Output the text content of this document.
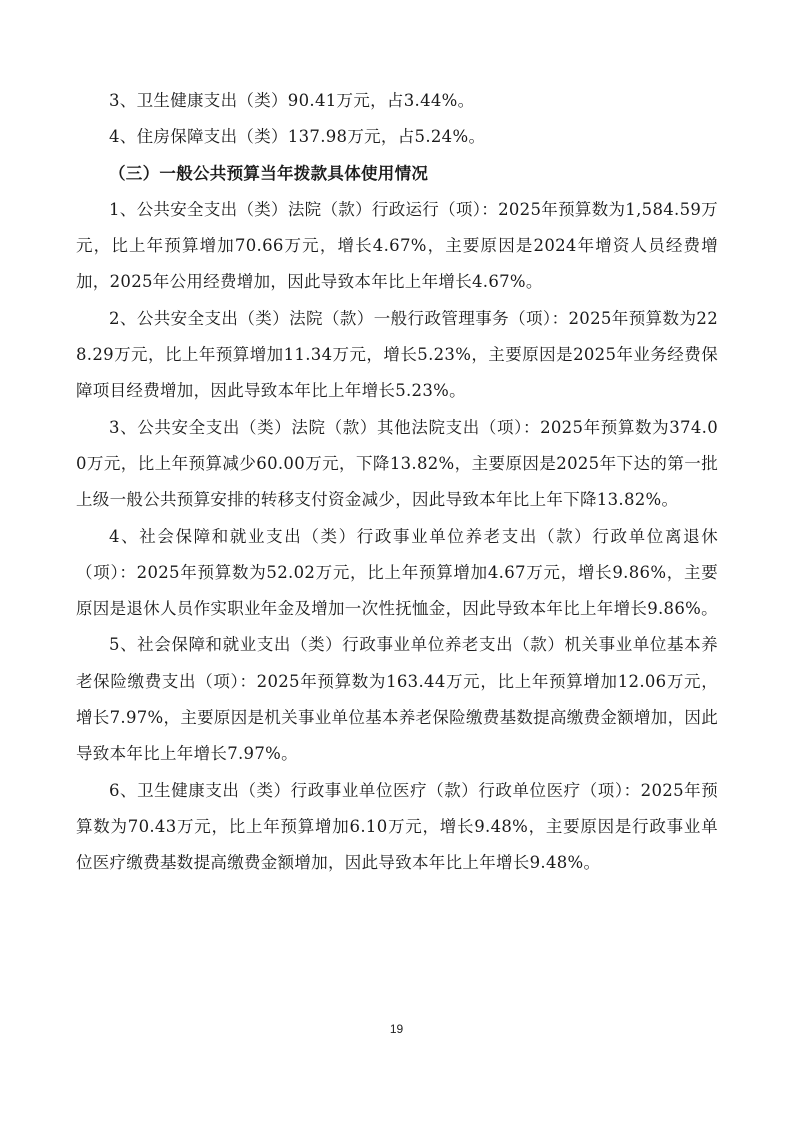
3、卫生健康支出（类）90.41万元，占3.44%。

4、住房保障支出（类）137.98万元，占5.24%。

（三）一般公共预算当年拨款具体使用情况

1、公共安全支出（类）法院（款）行政运行（项）：2025年预算数为1,584.59万元，比上年预算增加70.66万元，增长4.67%，主要原因是2024年增资人员经费增加，2025年公用经费增加，因此导致本年比上年增长4.67%。

2、公共安全支出（类）法院（款）一般行政管理事务（项）：2025年预算数为228.29万元，比上年预算增加11.34万元，增长5.23%，主要原因是2025年业务经费保障项目经费增加，因此导致本年比上年增长5.23%。

3、公共安全支出（类）法院（款）其他法院支出（项）：2025年预算数为374.00万元，比上年预算减少60.00万元，下降13.82%，主要原因是2025年下达的第一批上级一般公共预算安排的转移支付资金减少，因此导致本年比上年下降13.82%。

4、社会保障和就业支出（类）行政事业单位养老支出（款）行政单位离退休（项）：2025年预算数为52.02万元，比上年预算增加4.67万元，增长9.86%，主要原因是退休人员作实职业年金及增加一次性抚恤金，因此导致本年比上年增长9.86%。

5、社会保障和就业支出（类）行政事业单位养老支出（款）机关事业单位基本养老保险缴费支出（项）：2025年预算数为163.44万元，比上年预算增加12.06万元，增长7.97%，主要原因是机关事业单位基本养老保险缴费基数提高缴费金额增加，因此导致本年比上年增长7.97%。

6、卫生健康支出（类）行政事业单位医疗（款）行政单位医疗（项）：2025年预算数为70.43万元，比上年预算增加6.10万元，增长9.48%，主要原因是行政事业单位医疗缴费基数提高缴费金额增加，因此导致本年比上年增长9.48%。

19
